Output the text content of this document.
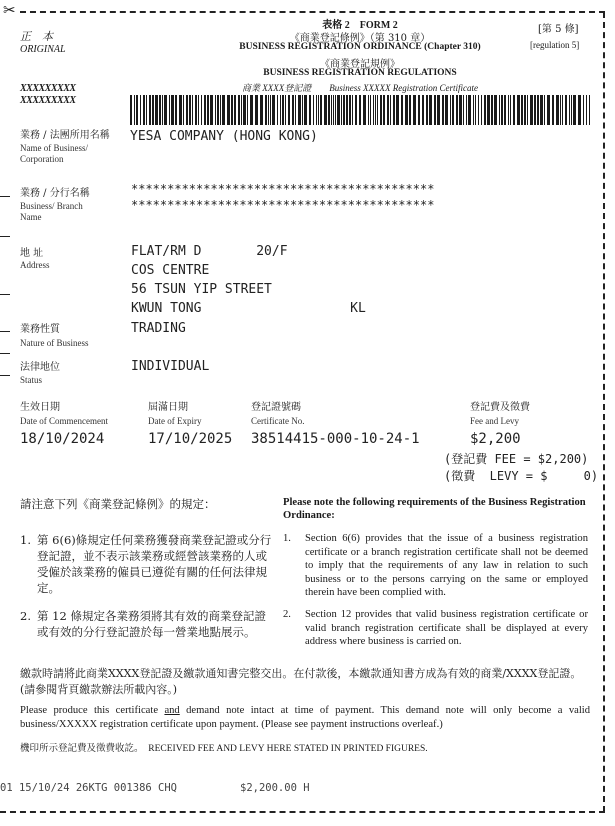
✂
正　本
ORIGINAL
XXXXXXXXX
XXXXXXXXX
表格 2 FORM 2
《商業登記條例》（第 310 章）
BUSINESS REGISTRATION ORDINANCE (Chapter 310)
《商業登記規例》
BUSINESS REGISTRATION REGULATIONS
商業 XXXX登記證　　Business XXXXX Registration Certificate
[第 5 條]
[regulation 5]
業務 / 法團所用名稱
Name of Business/ Corporation
YESA COMPANY (HONG KONG)
業務 / 分行名稱
Business/ Branch Name
******************************************
******************************************
地 址
Address
FLAT/RM D       20/F
COS CENTRE
56 TSUN YIP STREET
KWUN TONG                   KL
業務性質
Nature of Business
TRADING
法律地位
Status
INDIVIDUAL
生效日期
Date of Commencement
18/10/2024
屆滿日期
Date of Expiry
17/10/2025
登記證號碼
Certificate No.
38514415-000-10-24-1
登記費及徵費
Fee and Levy
$2,200
(登記費 FEE = $2,200)
(徵費  LEVY = $     0)
請注意下列《商業登記條例》的規定：	Please note the following requirements of the Business Registration Ordinance:
1. 第 6(6)條規定任何業務獲發商業登記證或分行登記證，並不表示該業務或經營該業務的人或受僱於該業務的僱員已遵從有關的任何法律規定。
1. Section 6(6) provides that the issue of a business registration certificate or a branch registration certificate shall not be deemed to imply that the requirements of any law in relation to such business or to the persons carrying on the same or employed therein have been complied with.
2. 第 12 條規定各業務須將其有效的商業登記證或有效的分行登記證於每一營業地點展示。
2. Section 12 provides that valid business registration certificate or valid branch registration certificate shall be displayed at every address where business is carried on.
繳款時請將此商業XXXX登記證及繳款通知書完整交出。在付款後，本繳款通知書方成為有效的商業/XXXX登記證。(請參閱背頁繳款辦法所載內容。)
Please produce this certificate and demand note intact at time of payment. This demand note will only become a valid business/XXXXX registration certificate upon payment. (Please see payment instructions overleaf.)
機印所示登記費及徵費收訖。　RECEIVED FEE AND LEVY HERE STATED IN PRINTED FIGURES.
01 15/10/24 26KTG 001386 CHQ	$2,200.00 H
